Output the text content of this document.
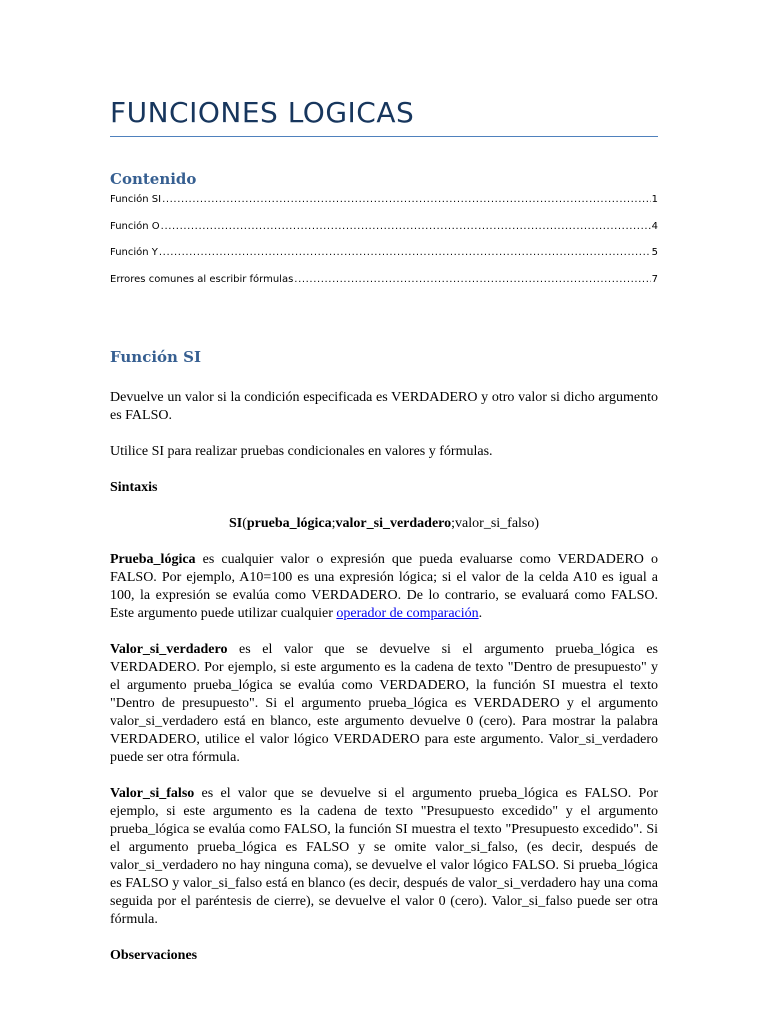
FUNCIONES LOGICAS
Contenido
Función SI .....	1
Función O .....	4
Función Y .....	5
Errores comunes al escribir fórmulas .....	7
Función SI

Devuelve un valor si la condición especificada es VERDADERO y otro valor si dicho argumento es FALSO.

Utilice SI para realizar pruebas condicionales en valores y fórmulas.

Sintaxis

SI(prueba_lógica;valor_si_verdadero;valor_si_falso)

Prueba_lógica es cualquier valor o expresión que pueda evaluarse como VERDADERO o FALSO. Por ejemplo, A10=100 es una expresión lógica; si el valor de la celda A10 es igual a 100, la expresión se evalúa como VERDADERO. De lo contrario, se evaluará como FALSO. Este argumento puede utilizar cualquier operador de comparación.

Valor_si_verdadero es el valor que se devuelve si el argumento prueba_lógica es VERDADERO. Por ejemplo, si este argumento es la cadena de texto "Dentro de presupuesto" y el argumento prueba_lógica se evalúa como VERDADERO, la función SI muestra el texto "Dentro de presupuesto". Si el argumento prueba_lógica es VERDADERO y el argumento valor_si_verdadero está en blanco, este argumento devuelve 0 (cero). Para mostrar la palabra VERDADERO, utilice el valor lógico VERDADERO para este argumento. Valor_si_verdadero puede ser otra fórmula.

Valor_si_falso es el valor que se devuelve si el argumento prueba_lógica es FALSO. Por ejemplo, si este argumento es la cadena de texto "Presupuesto excedido" y el argumento prueba_lógica se evalúa como FALSO, la función SI muestra el texto "Presupuesto excedido". Si el argumento prueba_lógica es FALSO y se omite valor_si_falso, (es decir, después de valor_si_verdadero no hay ninguna coma), se devuelve el valor lógico FALSO. Si prueba_lógica es FALSO y valor_si_falso está en blanco (es decir, después de valor_si_verdadero hay una coma seguida por el paréntesis de cierre), se devuelve el valor 0 (cero). Valor_si_falso puede ser otra fórmula.

Observaciones
